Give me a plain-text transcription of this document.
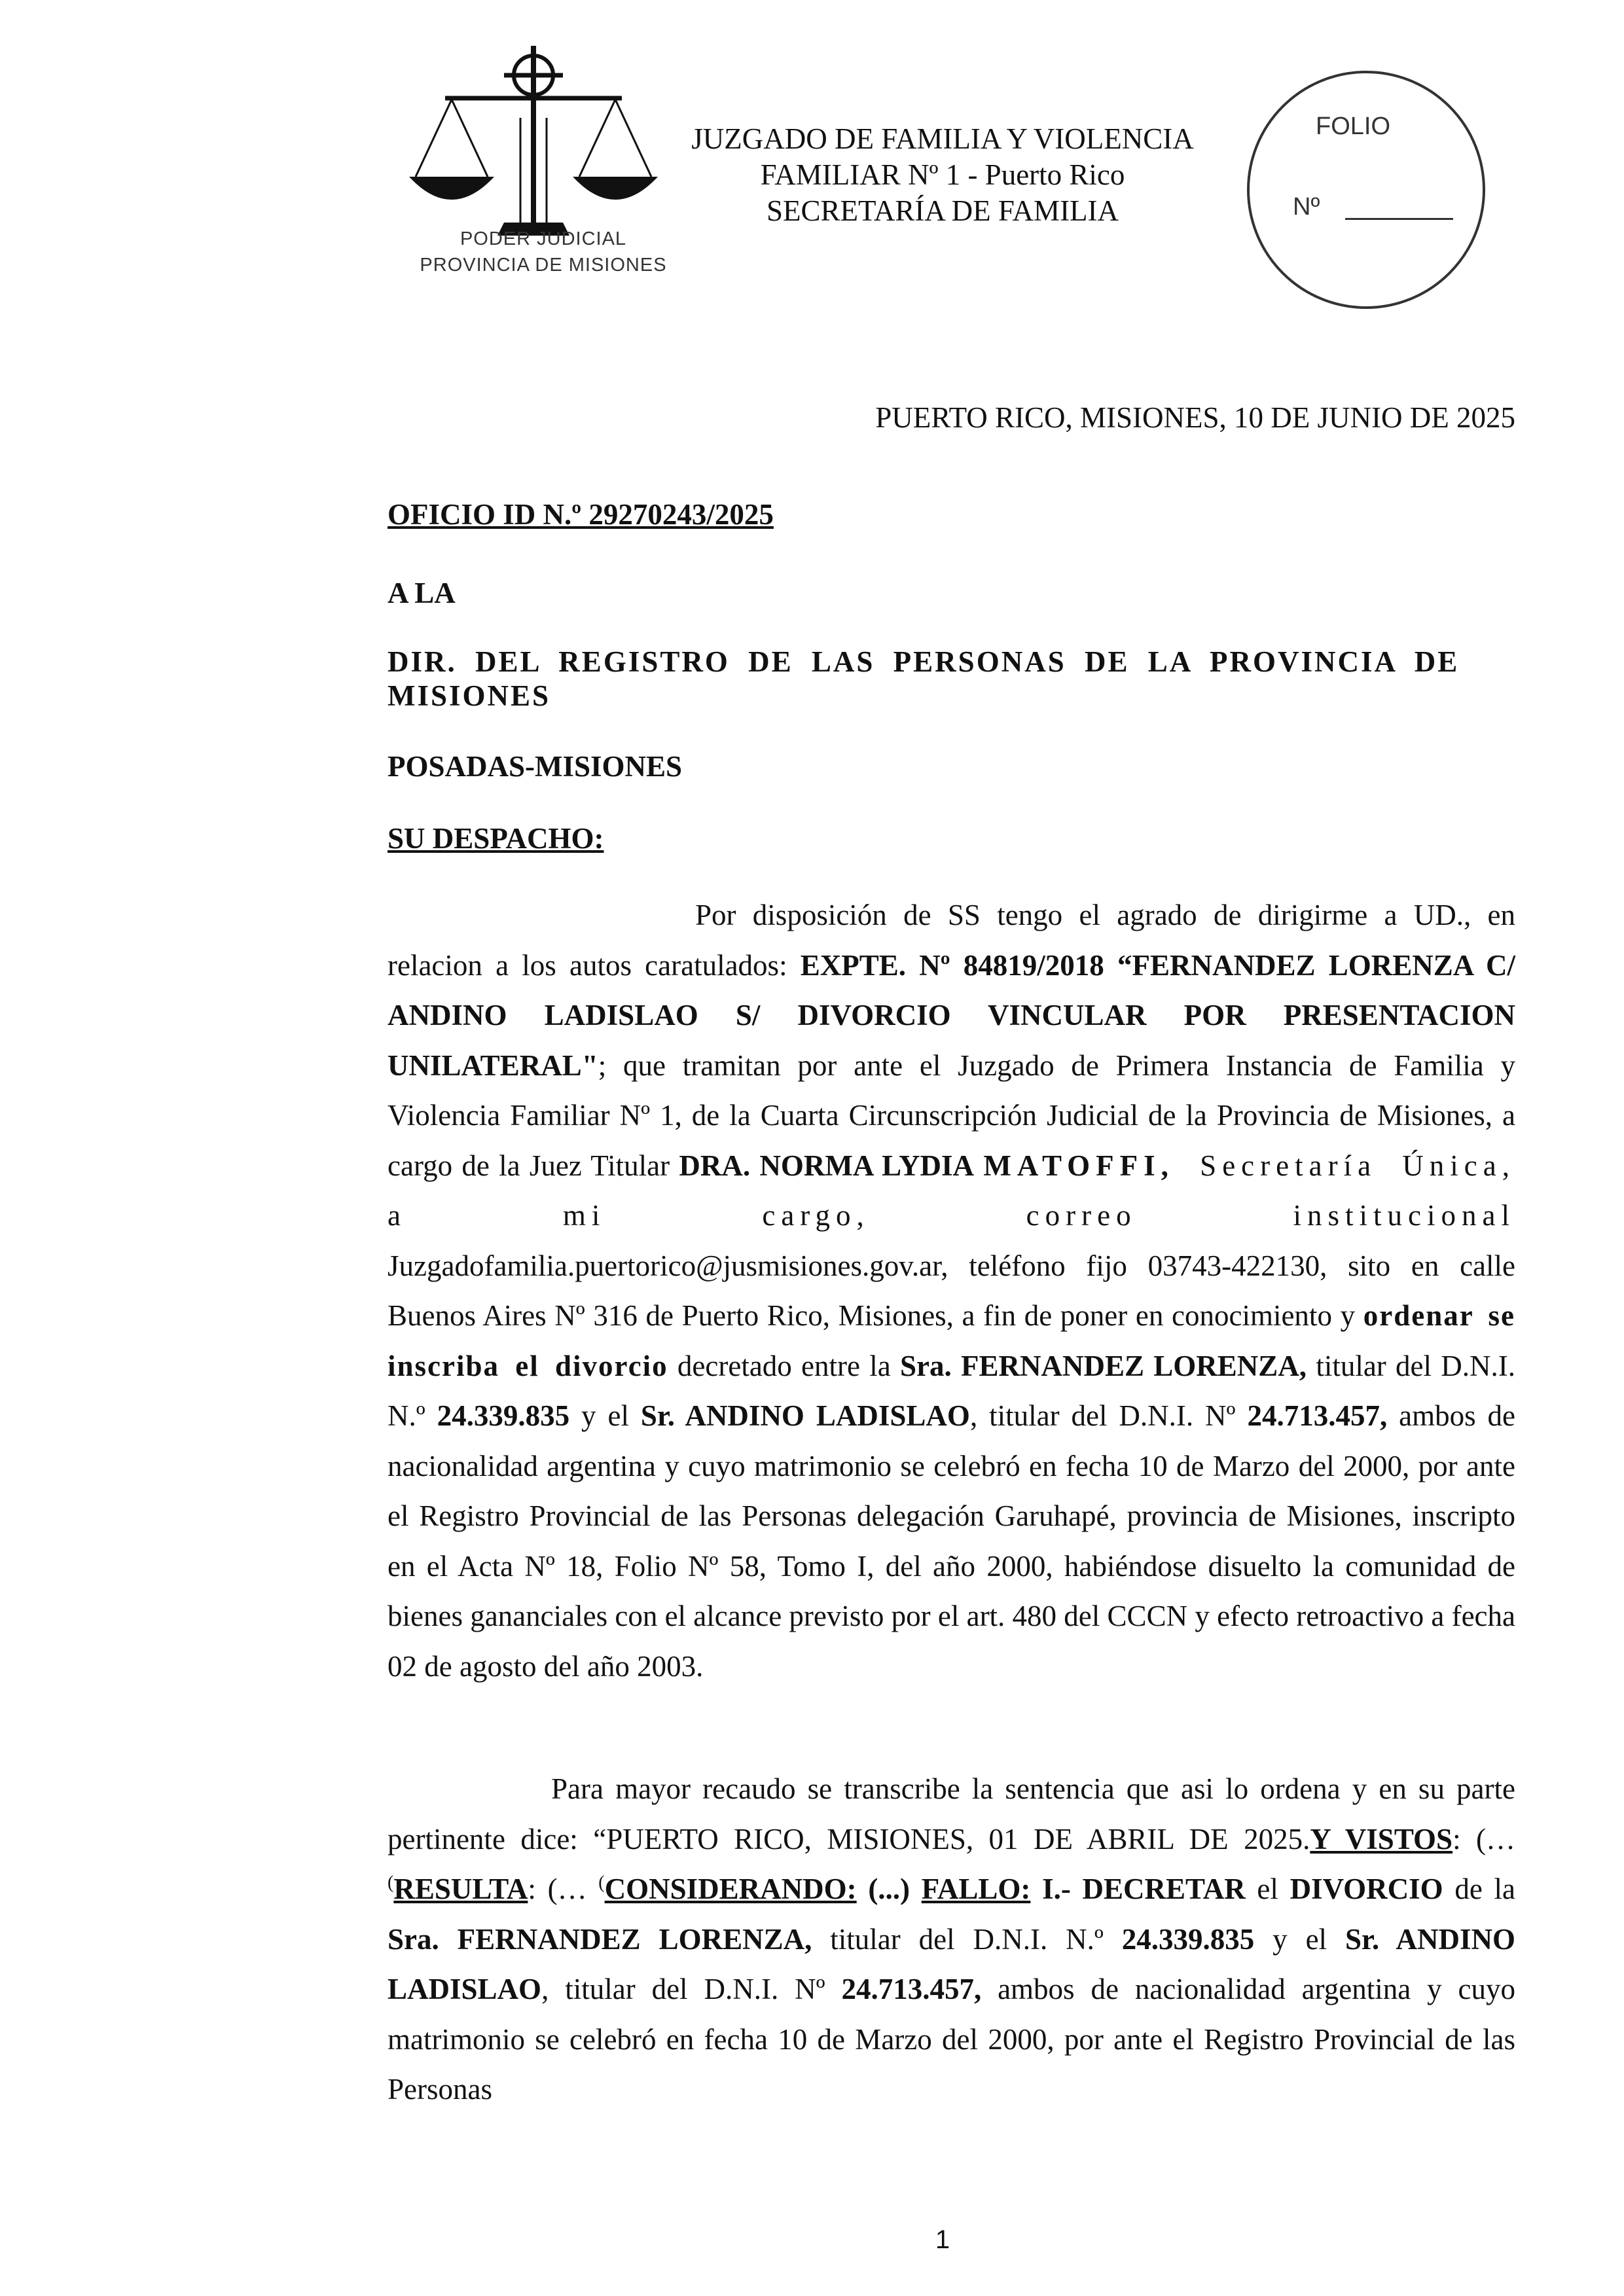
PODER JUDICIAL
PROVINCIA DE MISIONES
JUZGADO DE FAMILIA Y VIOLENCIA
FAMILIAR Nº 1 - Puerto Rico
SECRETARÍA DE FAMILIA
FOLIO
Nº
PUERTO RICO, MISIONES, 10 DE JUNIO DE 2025
OFICIO ID N.º 29270243/2025
A LA
DIR. DEL REGISTRO DE LAS PERSONAS DE LA PROVINCIA DE MISIONES
POSADAS-MISIONES
SU DESPACHO:
Por disposición de SS tengo el agrado de dirigirme a UD., en relacion a los autos caratulados: EXPTE. Nº 84819/2018 “FERNANDEZ LORENZA C/ ANDINO LADISLAO S/ DIVORCIO VINCULAR POR PRESENTACION UNILATERAL"; que tramitan por ante el Juzgado de Primera Instancia de Familia y Violencia Familiar Nº 1, de la Cuarta Circunscripción Judicial de la Provincia de Misiones, a cargo de la Juez Titular DRA. NORMA LYDIA MATOFFI, Secretaría Única, a mi cargo, correo institucional Juzgadofamilia.puertorico@jusmisiones.gov.ar, teléfono fijo 03743-422130, sito en calle Buenos Aires Nº 316 de Puerto Rico, Misiones, a fin de poner en conocimiento y ordenar se inscriba el divorcio decretado entre la Sra. FERNANDEZ LORENZA, titular del D.N.I. N.º 24.339.835 y el Sr. ANDINO LADISLAO, titular del D.N.I. Nº 24.713.457, ambos de nacionalidad argentina y cuyo matrimonio se celebró en fecha 10 de Marzo del 2000, por ante el Registro Provincial de las Personas delegación Garuhapé, provincia de Misiones, inscripto en el Acta Nº 18, Folio Nº 58, Tomo I, del año 2000, habiéndose disuelto la comunidad de bienes gananciales con el alcance previsto por el art. 480 del CCCN y efecto retroactivo a fecha 02 de agosto del año 2003.
Para mayor recaudo se transcribe la sentencia que asi lo ordena y en su parte pertinente dice: “PUERTO RICO, MISIONES, 01 DE ABRIL DE 2025.Y VISTOS: (… (RESULTA: (… (CONSIDERANDO: (...) FALLO: I.- DECRETAR el DIVORCIO de la Sra. FERNANDEZ LORENZA, titular del D.N.I. N.º 24.339.835 y el Sr. ANDINO LADISLAO, titular del D.N.I. Nº 24.713.457, ambos de nacionalidad argentina y cuyo matrimonio se celebró en fecha 10 de Marzo del 2000, por ante el Registro Provincial de las Personas
1
